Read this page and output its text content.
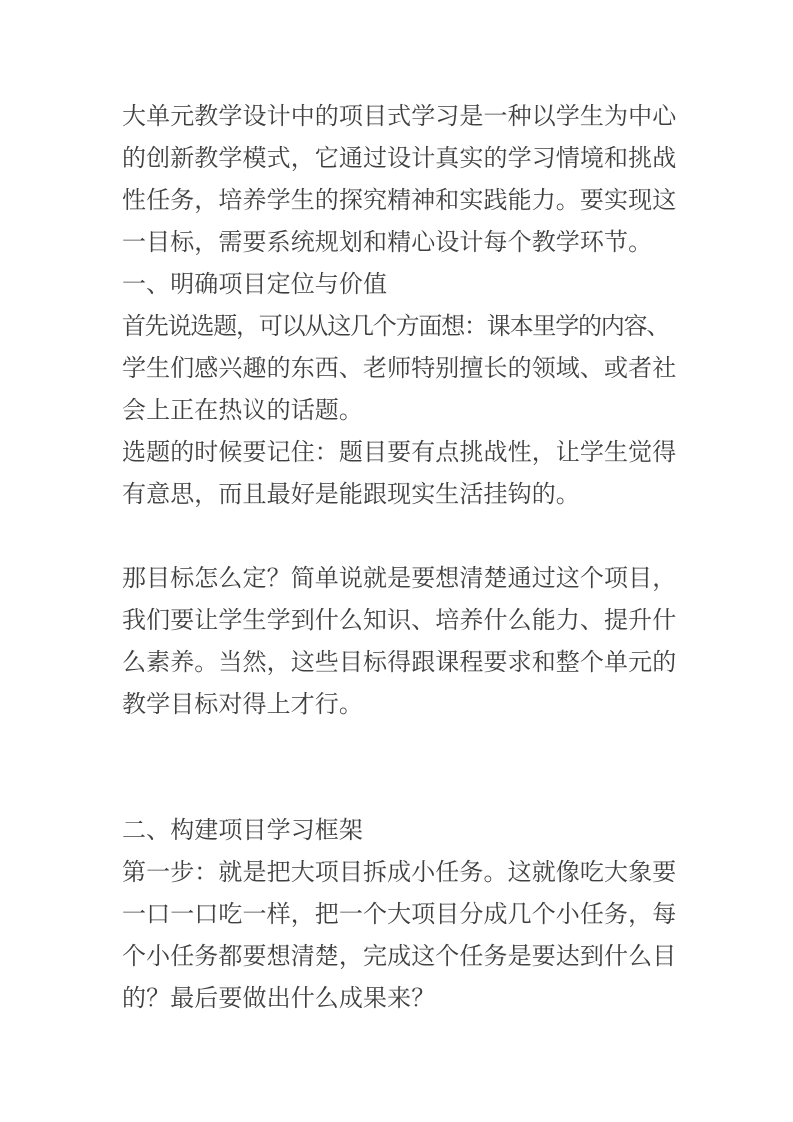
大单元教学设计中的项目式学习是一种以学生为中心
的创新教学模式，它通过设计真实的学习情境和挑战
性任务，培养学生的探究精神和实践能力。要实现这
一目标，需要系统规划和精心设计每个教学环节。
一、明确项目定位与价值
首先说选题，可以从这几个方面想：课本里学的内容、
学生们感兴趣的东西、老师特别擅长的领域、或者社
会上正在热议的话题。
选题的时候要记住：题目要有点挑战性，让学生觉得
有意思，而且最好是能跟现实生活挂钩的。

那目标怎么定？简单说就是要想清楚通过这个项目，
我们要让学生学到什么知识、培养什么能力、提升什
么素养。当然，这些目标得跟课程要求和整个单元的
教学目标对得上才行。

二、构建项目学习框架
第一步：就是把大项目拆成小任务。这就像吃大象要
一口一口吃一样，把一个大项目分成几个小任务，每
个小任务都要想清楚，完成这个任务是要达到什么目
的？最后要做出什么成果来？
